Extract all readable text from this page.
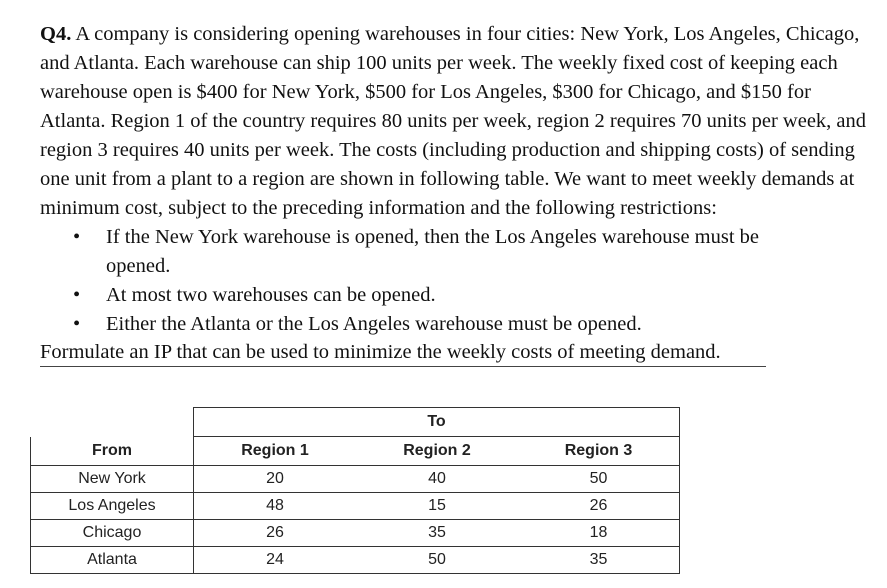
Q4. A company is considering opening warehouses in four cities: New York, Los Angeles, Chicago, and Atlanta. Each warehouse can ship 100 units per week. The weekly fixed cost of keeping each warehouse open is $400 for New York, $500 for Los Angeles, $300 for Chicago, and $150 for Atlanta. Region 1 of the country requires 80 units per week, region 2 requires 70 units per week, and region 3 requires 40 units per week. The costs (including production and shipping costs) of sending one unit from a plant to a region are shown in following table. We want to meet weekly demands at minimum cost, subject to the preceding information and the following restrictions:

• If the New York warehouse is opened, then the Los Angeles warehouse must be opened.
• At most two warehouses can be opened.
• Either the Atlanta or the Los Angeles warehouse must be opened.

Formulate an IP that can be used to minimize the weekly costs of meeting demand.

	To		
From	Region 1	Region 2	Region 3
New York	20	40	50
Los Angeles	48	15	26
Chicago	26	35	18
Atlanta	24	50	35
